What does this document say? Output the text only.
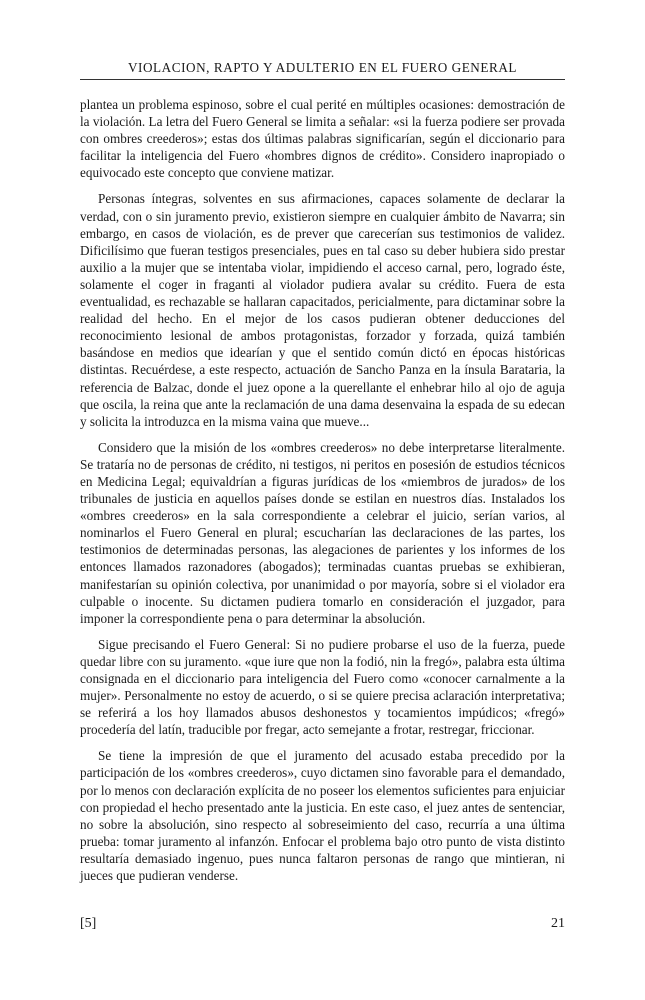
VIOLACION, RAPTO Y ADULTERIO EN EL FUERO GENERAL

plantea un problema espinoso, sobre el cual perité en múltiples ocasiones: demostración de la violación. La letra del Fuero General se limita a señalar: «si la fuerza podiere ser provada con ombres creederos»; estas dos últimas palabras significarían, según el diccionario para facilitar la inteligencia del Fuero «hombres dignos de crédito». Considero inapropiado o equivocado este concepto que conviene matizar.

Personas íntegras, solventes en sus afirmaciones, capaces solamente de declarar la verdad, con o sin juramento previo, existieron siempre en cualquier ámbito de Navarra; sin embargo, en casos de violación, es de prever que carecerían sus testimonios de validez. Dificilísimo que fueran testigos presenciales, pues en tal caso su deber hubiera sido prestar auxilio a la mujer que se intentaba violar, impidiendo el acceso carnal, pero, logrado éste, solamente el coger in fraganti al violador pudiera avalar su crédito. Fuera de esta eventualidad, es rechazable se hallaran capacitados, pericialmente, para dictaminar sobre la realidad del hecho. En el mejor de los casos pudieran obtener deducciones del reconocimiento lesional de ambos protagonistas, forzador y forzada, quizá también basándose en medios que idearían y que el sentido común dictó en épocas históricas distintas. Recuérdese, a este respecto, actuación de Sancho Panza en la ínsula Barataria, la referencia de Balzac, donde el juez opone a la querellante el enhebrar hilo al ojo de aguja que oscila, la reina que ante la reclamación de una dama desenvaina la espada de su edecan y solicita la introduzca en la misma vaina que mueve...

Considero que la misión de los «ombres creederos» no debe interpretarse literalmente. Se trataría no de personas de crédito, ni testigos, ni peritos en posesión de estudios técnicos en Medicina Legal; equivaldrían a figuras jurídicas de los «miembros de jurados» de los tribunales de justicia en aquellos países donde se estilan en nuestros días. Instalados los «ombres creederos» en la sala correspondiente a celebrar el juicio, serían varios, al nominarlos el Fuero General en plural; escucharían las declaraciones de las partes, los testimonios de determinadas personas, las alegaciones de parientes y los informes de los entonces llamados razonadores (abogados); terminadas cuantas pruebas se exhibieran, manifestarían su opinión colectiva, por unanimidad o por mayoría, sobre si el violador era culpable o inocente. Su dictamen pudiera tomarlo en consideración el juzgador, para imponer la correspondiente pena o para determinar la absolución.

Sigue precisando el Fuero General: Si no pudiere probarse el uso de la fuerza, puede quedar libre con su juramento. «que iure que non la fodió, nin la fregó», palabra esta última consignada en el diccionario para inteligencia del Fuero como «conocer carnalmente a la mujer». Personalmente no estoy de acuerdo, o si se quiere precisa aclaración interpretativa; se referirá a los hoy llamados abusos deshonestos y tocamientos impúdicos; «fregó» procedería del latín, traducible por fregar, acto semejante a frotar, restregar, friccionar.

Se tiene la impresión de que el juramento del acusado estaba precedido por la participación de los «ombres creederos», cuyo dictamen sino favorable para el demandado, por lo menos con declaración explícita de no poseer los elementos suficientes para enjuiciar con propiedad el hecho presentado ante la justicia. En este caso, el juez antes de sentenciar, no sobre la absolución, sino respecto al sobreseimiento del caso, recurría a una última prueba: tomar juramento al infanzón. Enfocar el problema bajo otro punto de vista distinto resultaría demasiado ingenuo, pues nunca faltaron personas de rango que mintieran, ni jueces que pudieran venderse.

[5]	21
